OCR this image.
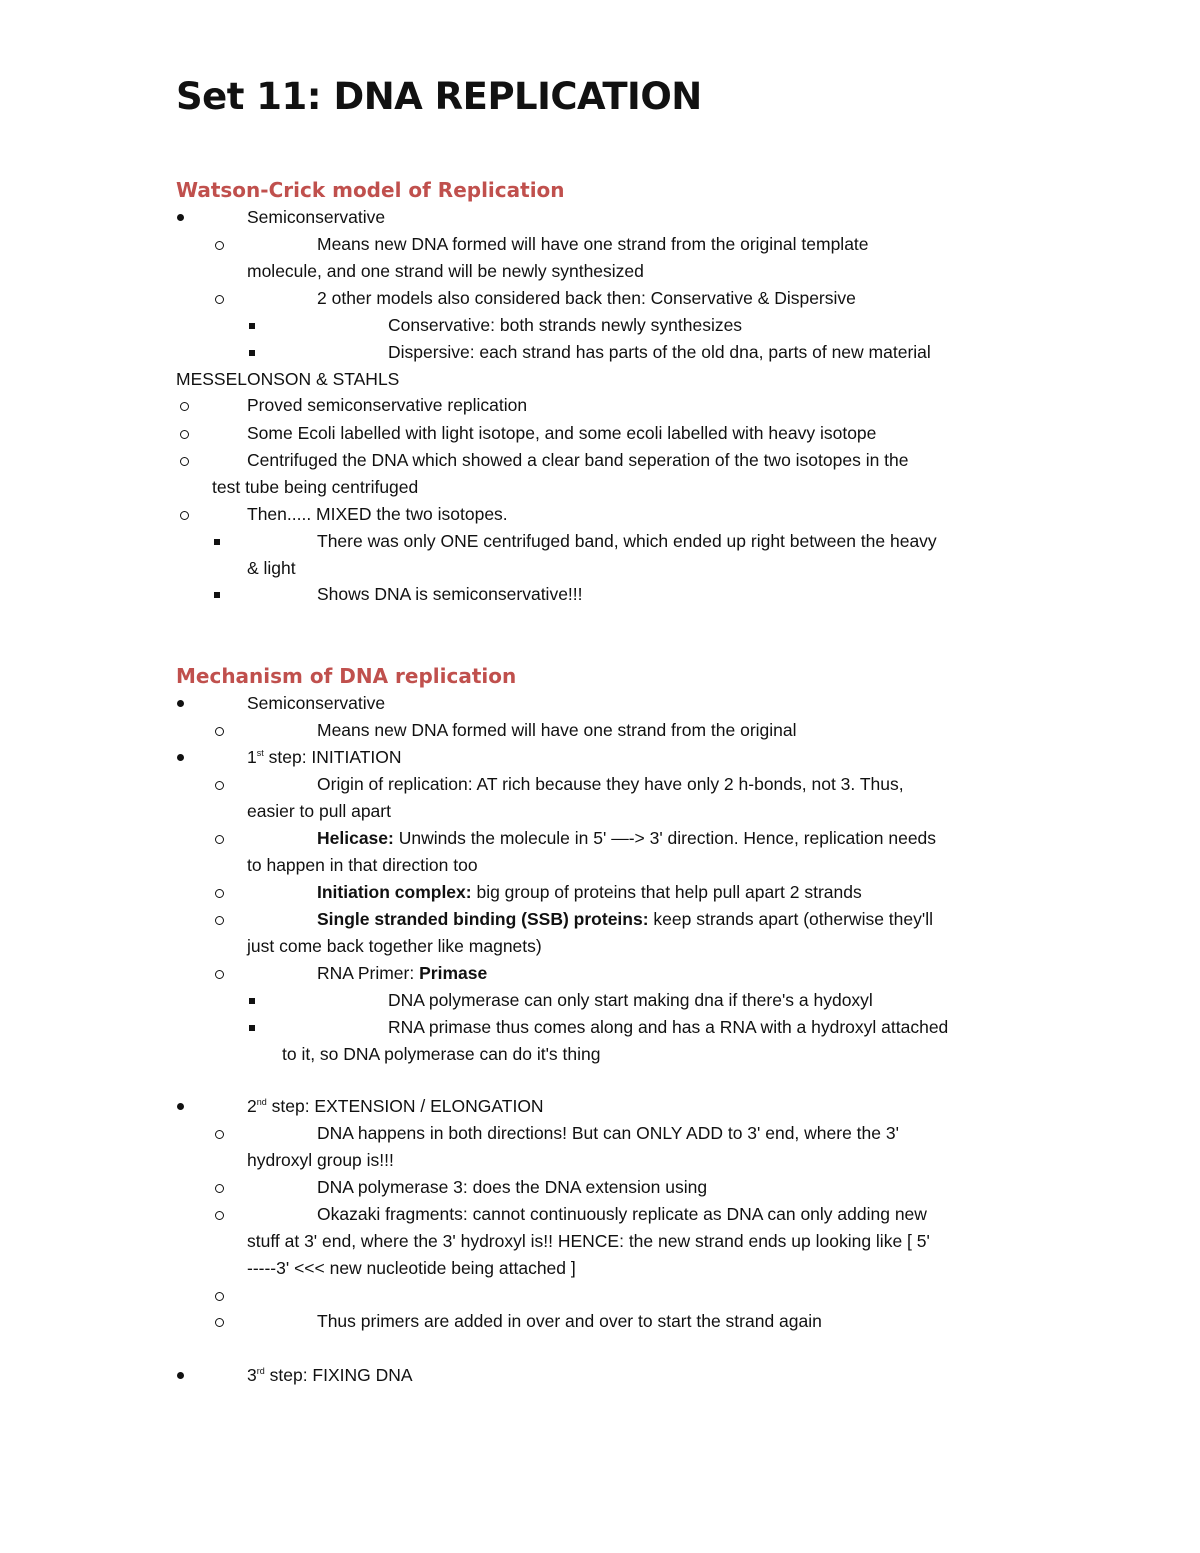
Set 11: DNA REPLICATION
Watson-Crick model of Replication
Semiconservative
Means new DNA formed will have one strand from the original template
molecule, and one strand will be newly synthesized
2 other models also considered back then: Conservative & Dispersive
Conservative: both strands newly synthesizes
Dispersive: each strand has parts of the old dna, parts of new material
MESSELONSON & STAHLS
Proved semiconservative replication
Some Ecoli labelled with light isotope, and some ecoli labelled with heavy isotope
Centrifuged the DNA which showed a clear band seperation of the two isotopes in the
test tube being centrifuged
Then..... MIXED the two isotopes.
There was only ONE centrifuged band, which ended up right between the heavy
& light
Shows DNA is semiconservative!!!
Mechanism of DNA replication
Semiconservative
Means new DNA formed will have one strand from the original
1st step: INITIATION
Origin of replication: AT rich because they have only 2 h-bonds, not 3. Thus,
easier to pull apart
Helicase: Unwinds the molecule in 5' —-> 3' direction. Hence, replication needs
to happen in that direction too
Initiation complex: big group of proteins that help pull apart 2 strands
Single stranded binding (SSB) proteins: keep strands apart (otherwise they'll
just come back together like magnets)
RNA Primer: Primase
DNA polymerase can only start making dna if there's a hydoxyl
RNA primase thus comes along and has a RNA with a hydroxyl attached
to it, so DNA polymerase can do it's thing
2nd step: EXTENSION / ELONGATION
DNA happens in both directions! But can ONLY ADD to 3' end, where the 3'
hydroxyl group is!!!
DNA polymerase 3: does the DNA extension using
Okazaki fragments: cannot continuously replicate as DNA can only adding new
stuff at 3' end, where the 3' hydroxyl is!! HENCE: the new strand ends up looking like [ 5'
-----3' <<< new nucleotide being attached ]
Thus primers are added in over and over to start the strand again
3rd step: FIXING DNA
